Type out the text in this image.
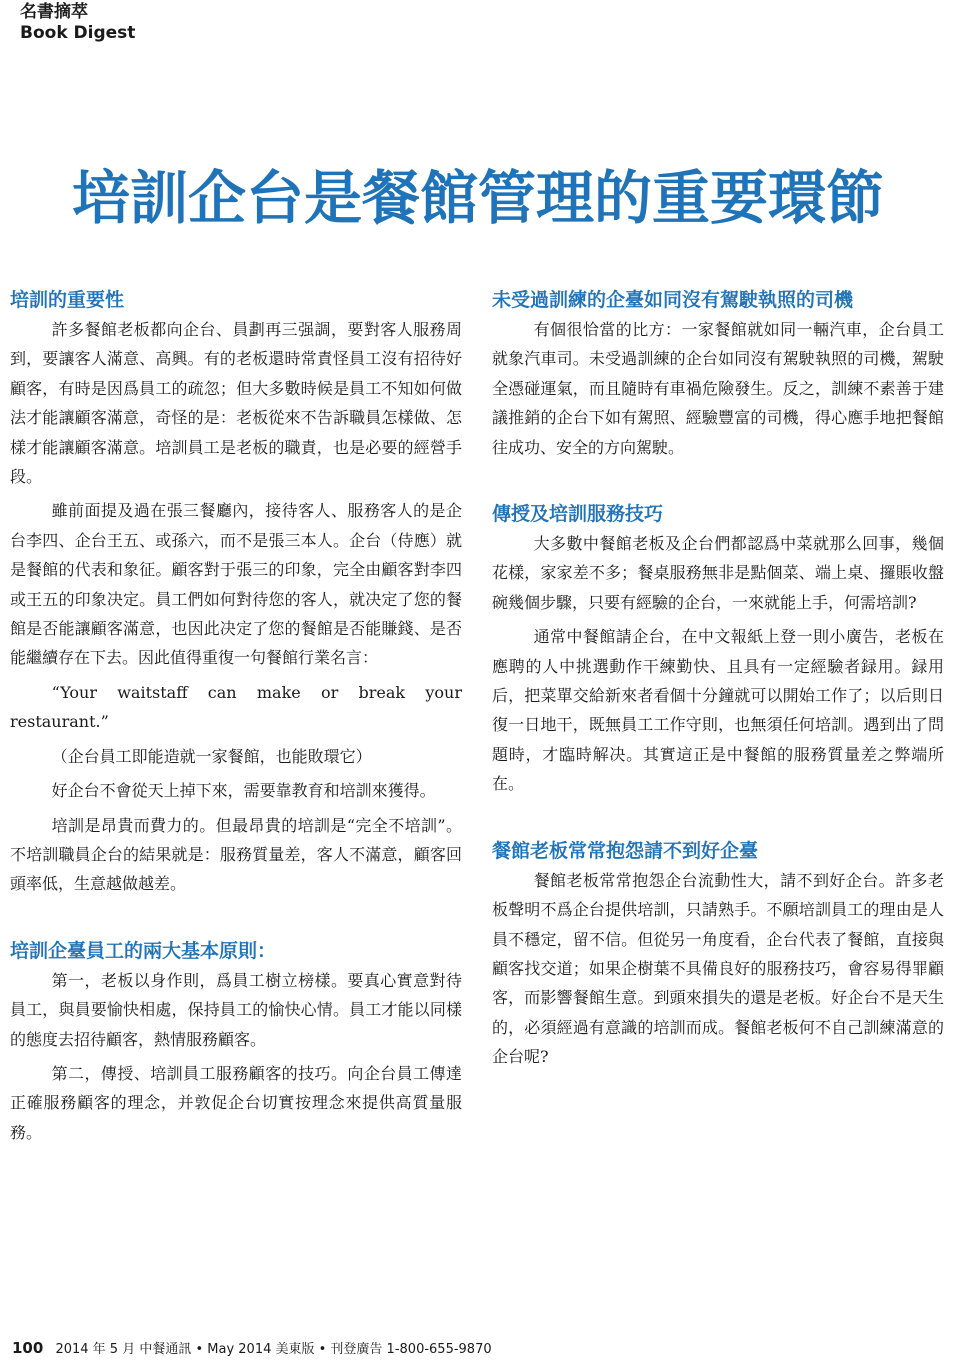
名書摘萃
Book Digest
培訓企台是餐館管理的重要環節
培訓的重要性

許多餐館老板都向企台、員劃再三强調，要對客人服務周到，要讓客人滿意、高興。有的老板還時常責怪員工沒有招待好顧客，有時是因爲員工的疏忽；但大多數時候是員工不知如何做法才能讓顧客滿意，奇怪的是：老板從來不告訴職員怎樣做、怎樣才能讓顧客滿意。培訓員工是老板的職責，也是必要的經營手段。

雖前面提及過在張三餐廳內，接待客人、服務客人的是企台李四、企台王五、或孫六，而不是張三本人。企台（侍應）就是餐館的代表和象征。顧客對于張三的印象，完全由顧客對李四或王五的印象决定。員工們如何對待您的客人，就决定了您的餐館是否能讓顧客滿意，也因此决定了您的餐館是否能賺錢、是否能繼續存在下去。因此值得重復一句餐館行業名言：

“Your waitstaff can make or break your restaurant.”

（企台員工即能造就一家餐館，也能敗環它）

好企台不會從天上掉下來，需要靠教育和培訓來獲得。

培訓是昂貴而費力的。但最昂貴的培訓是“完全不培訓”。不培訓職員企台的結果就是：服務質量差，客人不滿意，顧客回頭率低，生意越做越差。

培訓企臺員工的兩大基本原則：

第一，老板以身作則，爲員工樹立榜樣。要真心實意對待員工，與員要愉快相處，保持員工的愉快心情。員工才能以同樣的態度去招待顧客，熱情服務顧客。

第二，傳授、培訓員工服務顧客的技巧。向企台員工傳達正確服務顧客的理念，并敦促企台切實按理念來提供高質量服務。

未受過訓練的企臺如同沒有駕駛執照的司機

有個很恰當的比方：一家餐館就如同一輛汽車，企台員工就象汽車司。未受過訓練的企台如同沒有駕駛執照的司機，駕駛全憑碰運氣，而且隨時有車禍危險發生。反之，訓練不素善于建議推銷的企台下如有駕照、經驗豐富的司機，得心應手地把餐館往成功、安全的方向駕駛。

傳授及培訓服務技巧

大多數中餐館老板及企台們都認爲中菜就那么回事，幾個花樣，家家差不多；餐桌服務無非是點個菜、端上桌、攞賬收盤碗幾個步驟，只要有經驗的企台，一來就能上手，何需培訓?

通常中餐館請企台，在中文報紙上登一則小廣告，老板在應聘的人中挑選動作干練勤快、且具有一定經驗者録用。録用后，把菜單交給新來者看個十分鐘就可以開始工作了；以后則日復一日地干，既無員工工作守則，也無須任何培訓。遇到出了問題時，才臨時解决。其實這正是中餐館的服務質量差之弊端所在。

餐館老板常常抱怨請不到好企臺

餐館老板常常抱怨企台流動性大，請不到好企台。許多老板聲明不爲企台提供培訓，只請熟手。不願培訓員工的理由是人員不穩定，留不信。但從另一角度看，企台代表了餐館，直接與顧客找交道；如果企樹葉不具備良好的服務技巧，會容易得罪顧客，而影響餐館生意。到頭來損失的還是老板。好企台不是天生的，必須經過有意識的培訓而成。餐館老板何不自己訓練滿意的企台呢?

100 2014 年 5 月 中餐通訊 • May 2014 美東版 • 刊登廣告 1-800-655-9870
